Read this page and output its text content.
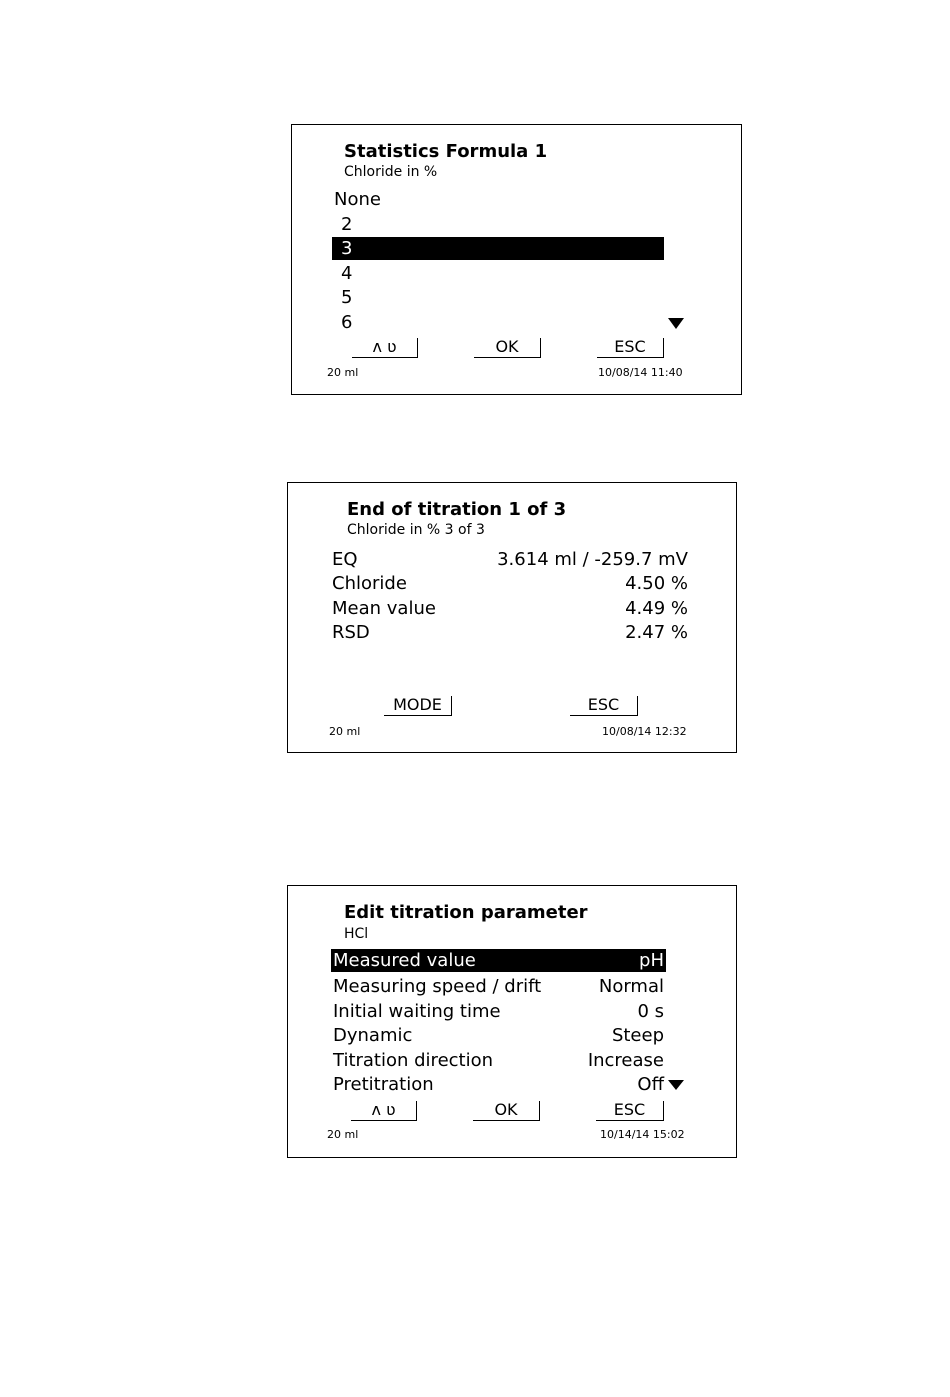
Statistics Formula 1
Chloride in %
None
2
3
4
5
6
ʌ ʋ	OK	ESC
20 ml	10/08/14 11:40
End of titration 1 of 3
Chloride in % 3 of 3
EQ	3.614 ml / -259.7 mV
Chloride	4.50 %
Mean value	4.49 %
RSD	2.47 %
MODE	ESC
20 ml	10/08/14 12:32
Edit titration parameter
HCl
Measured value	pH
Measuring speed / drift	Normal
Initial waiting time	0 s
Dynamic	Steep
Titration direction	Increase
Pretitration	Off
ʌ ʋ	OK	ESC
20 ml	10/14/14 15:02
